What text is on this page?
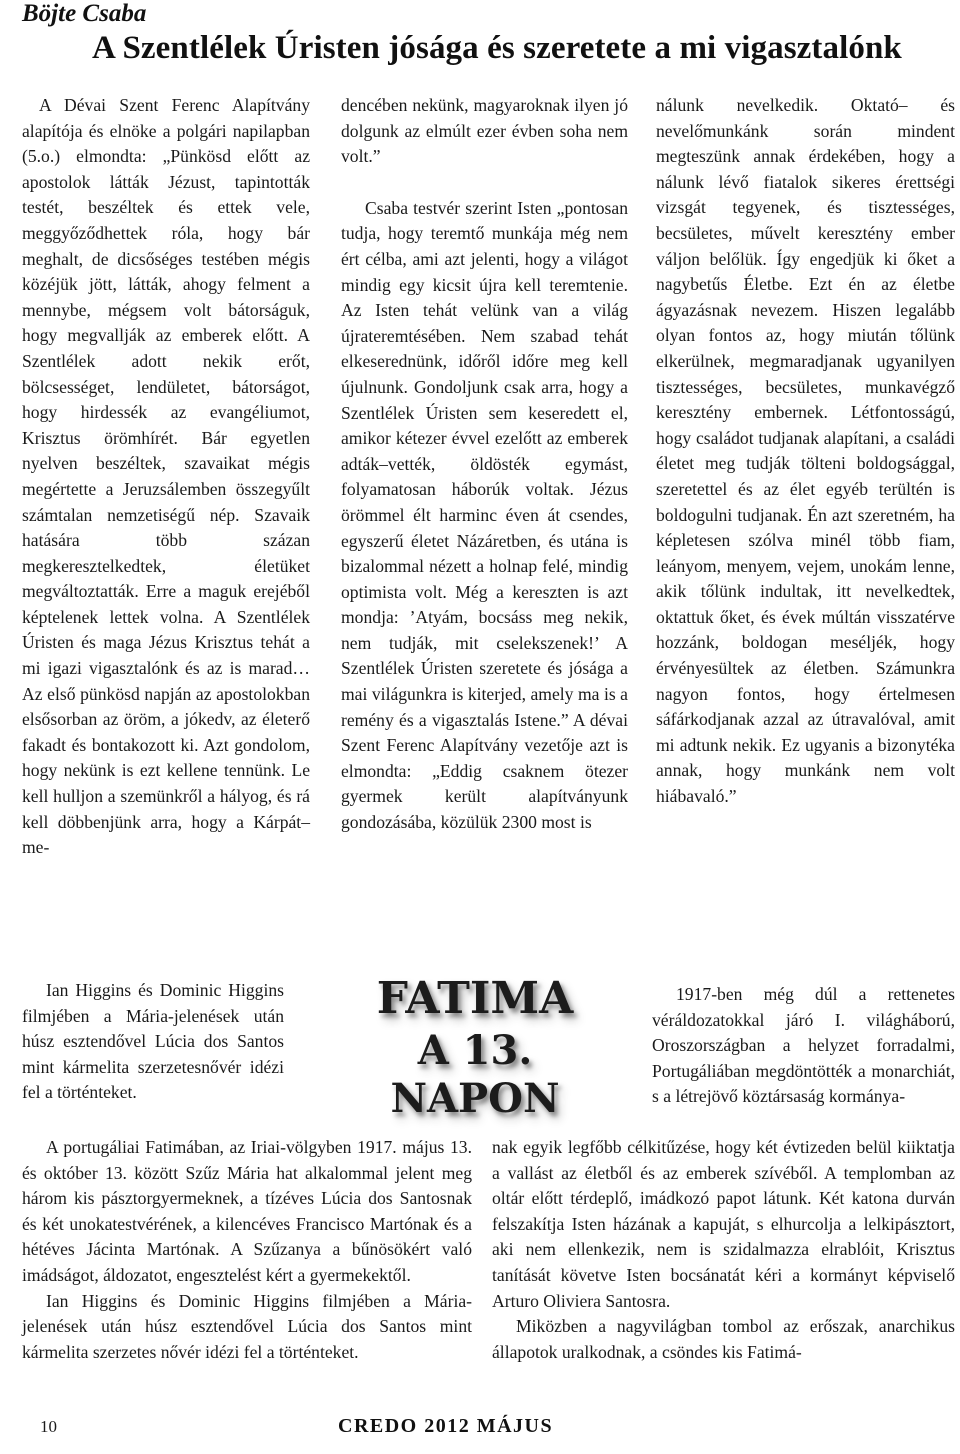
Böjte Csaba
A Szentlélek Úristen jósága és szeretete a mi vigasztalónk

A Dévai Szent Ferenc Alapítvány alapítója és elnöke a polgári napilapban (5.o.) elmondta: „Pünkösd előtt az apostolok látták Jézust, tapintották testét, beszéltek és ettek vele, meggyőződhettek róla, hogy bár meghalt, de dicsőséges testében mégis közéjük jött, látták, ahogy felment a mennybe, mégsem volt bátorságuk, hogy megvallják az emberek előtt. A Szentlélek adott nekik erőt, bölcsességet, lendületet, bátorságot, hogy hirdessék az evangéliumot, Krisztus örömhírét. Bár egyetlen nyelven beszéltek, szavaikat mégis megértette a Jeruzsálemben összegyűlt számtalan nemzetiségű nép. Szavaik hatására több százan megkeresztelkedtek, életüket megváltoztatták. Erre a maguk erejéből képtelenek lettek volna. A Szentlélek Úristen és maga Jézus Krisztus tehát a mi igazi vigasztalónk és az is marad… Az első pünkösd napján az apostolokban elsősorban az öröm, a jókedv, az életerő fakadt és bontakozott ki. Azt gondolom, hogy nekünk is ezt kellene tennünk. Le kell hulljon a szemünkről a hályog, és rá kell döbbenjünk arra, hogy a Kárpát–me-

dencében nekünk, magyaroknak ilyen jó dolgunk az elmúlt ezer évben soha nem volt.”

Csaba testvér szerint Isten „pontosan tudja, hogy teremtő munkája még nem ért célba, ami azt jelenti, hogy a világot mindig egy kicsit újra kell teremtenie. Az Isten tehát velünk van a világ újrateremtésében. Nem szabad tehát elkeserednünk, időről időre meg kell újulnunk. Gondoljunk csak arra, hogy a Szentlélek Úristen sem keseredett el, amikor kétezer évvel ezelőtt az emberek adták–vették, öldösték egymást, folyamatosan háborúk voltak. Jézus örömmel élt harminc éven át csendes, egyszerű életet Názáretben, és utána is bizalommal nézett a holnap felé, mindig optimista volt. Még a kereszten is azt mondja: ’Atyám, bocsáss meg nekik, nem tudják, mit cselekszenek!’ A Szentlélek Úristen szeretete és jósága a mai világunkra is kiterjed, amely ma is a remény és a vigasztalás Istene.” A dévai Szent Ferenc Alapítvány vezetője azt is elmondta: „Eddig csaknem ötezer gyermek került alapítványunk gondozásába, közülük 2300 most is

nálunk nevelkedik. Oktató– és nevelőmunkánk során mindent megteszünk annak érdekében, hogy a nálunk lévő fiatalok sikeres érettségi vizsgát tegyenek, és tisztességes, becsületes, művelt keresztény ember váljon belőlük. Így engedjük ki őket a nagybetűs Életbe. Ezt én az életbe ágyazásnak nevezem. Hiszen legalább olyan fontos az, hogy miután tőlünk elkerülnek, megmaradjanak ugyanilyen tisztességes, becsületes, munkavégző keresztény embernek. Létfontosságú, hogy családot tudjanak alapítani, a családi életet meg tudják tölteni boldogsággal, szeretettel és az élet egyéb terültén is boldogulni tudjanak. Én azt szeretném, ha képletesen szólva minél több fiam, leányom, menyem, vejem, unokám lenne, akik tőlünk indultak, itt nevelkedtek, oktattuk őket, és évek múltán visszatérve hozzánk, boldogan meséljék, hogy érvényesültek az életben. Számunkra nagyon fontos, hogy értelmesen sáfárkodjanak azzal az útravalóval, amit mi adtunk nekik. Ez ugyanis a bizonytéka annak, hogy munkánk nem volt hiábavaló.”

FATIMA
A 13. NAPON

Ian Higgins és Dominic Higgins filmjében a Mária-jelenések után húsz esztendővel Lúcia dos Santos mint kármelita szerzetesnővér idézi fel a történteket.

A portugáliai Fatimában, az Iriai-völgyben 1917. május 13. és október 13. között Szűz Mária hat alkalommal jelent meg három kis pásztorgyermeknek, a tízéves Lúcia dos Santosnak és két unokatestvérének, a kilencéves Francisco Martónak és a hétéves Jácinta Martónak. A Szűzanya a bűnösökért való imádságot, áldozatot, engesztelést kért a gyermekektől.

Ian Higgins és Dominic Higgins filmjében a Mária-jelenések után húsz esztendővel Lúcia dos Santos mint kármelita szerzetes nővér idézi fel a történteket.

1917-ben még dúl a rettenetes véráldozatokkal járó I. világháború, Oroszországban a helyzet forradalmi, Portugáliában megdöntötték a monarchiát, s a létrejövő köztársaság kormánya-

nak egyik legfőbb célkitűzése, hogy két évtizeden belül kiiktatja a vallást az életből és az emberek szívéből. A templomban az oltár előtt térdeplő, imádkozó papot látunk. Két katona durván felszakítja Isten házának a kapuját, s elhurcolja a lelkipásztort, aki nem ellenkezik, nem is szidalmazza elrablóit, Krisztus tanítását követve Isten bocsánatát kéri a kormányt képviselő Arturo Oliviera Santosra.

Miközben a nagyvilágban tombol az erőszak, anarchikus állapotok uralkodnak, a csöndes kis Fatimá-

10	CREDO 2012 MÁJUS
